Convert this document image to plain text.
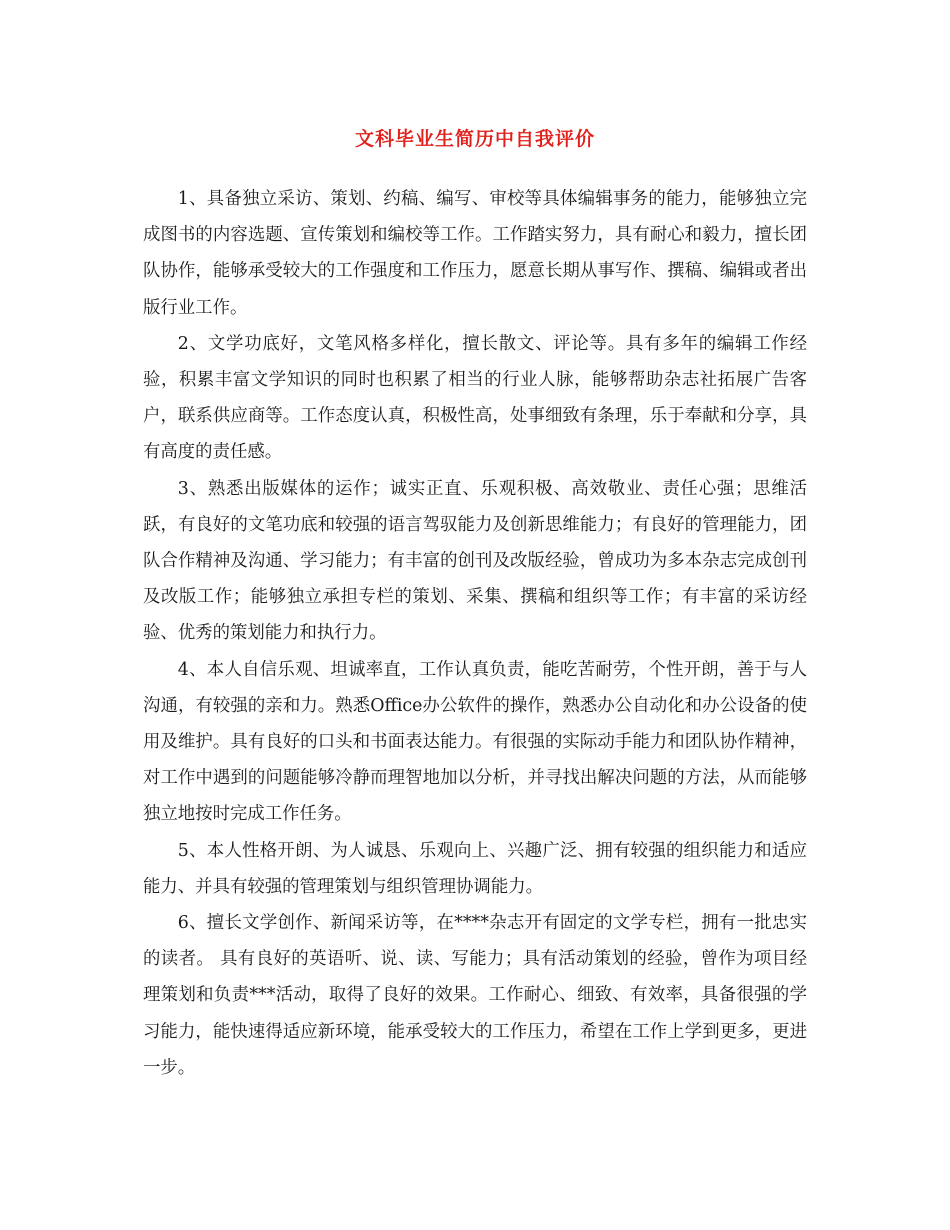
文科毕业生简历中自我评价

1、具备独立采访、策划、约稿、编写、审校等具体编辑事务的能力，能够独立完成图书的内容选题、宣传策划和编校等工作。工作踏实努力，具有耐心和毅力，擅长团队协作，能够承受较大的工作强度和工作压力，愿意长期从事写作、撰稿、编辑或者出版行业工作。

2、文学功底好，文笔风格多样化，擅长散文、评论等。具有多年的编辑工作经验，积累丰富文学知识的同时也积累了相当的行业人脉，能够帮助杂志社拓展广告客户，联系供应商等。工作态度认真，积极性高，处事细致有条理，乐于奉献和分享，具有高度的责任感。

3、熟悉出版媒体的运作；诚实正直、乐观积极、高效敬业、责任心强；思维活跃，有良好的文笔功底和较强的语言驾驭能力及创新思维能力；有良好的管理能力，团队合作精神及沟通、学习能力；有丰富的创刊及改版经验，曾成功为多本杂志完成创刊及改版工作；能够独立承担专栏的策划、采集、撰稿和组织等工作；有丰富的采访经验、优秀的策划能力和执行力。

4、本人自信乐观、坦诚率直，工作认真负责，能吃苦耐劳，个性开朗，善于与人沟通，有较强的亲和力。熟悉Office办公软件的操作，熟悉办公自动化和办公设备的使用及维护。具有良好的口头和书面表达能力。有很强的实际动手能力和团队协作精神，对工作中遇到的问题能够冷静而理智地加以分析，并寻找出解决问题的方法，从而能够独立地按时完成工作任务。

5、本人性格开朗、为人诚恳、乐观向上、兴趣广泛、拥有较强的组织能力和适应能力、并具有较强的管理策划与组织管理协调能力。

6、擅长文学创作、新闻采访等，在****杂志开有固定的文学专栏，拥有一批忠实的读者。 具有良好的英语听、说、读、写能力；具有活动策划的经验，曾作为项目经理策划和负责***活动，取得了良好的效果。工作耐心、细致、有效率，具备很强的学习能力，能快速得适应新环境，能承受较大的工作压力，希望在工作上学到更多，更进一步。
